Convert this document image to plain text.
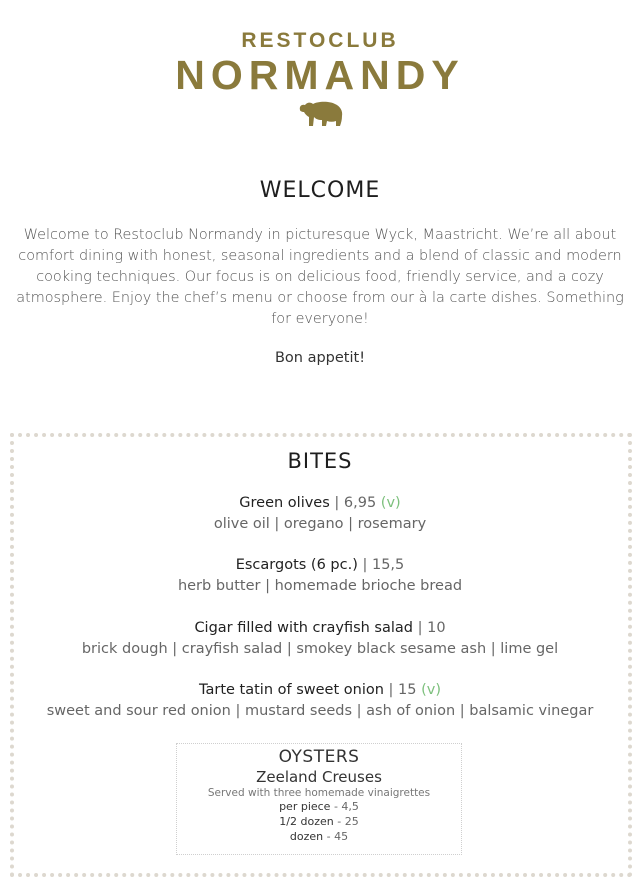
RESTOCLUB
NORMANDY
WELCOME
Welcome to Restoclub Normandy in picturesque Wyck, Maastricht. We’re all about comfort dining with honest, seasonal ingredients and a blend of classic and modern cooking techniques. Our focus is on delicious food, friendly service, and a cozy atmosphere. Enjoy the chef’s menu or choose from our à la carte dishes. Something for everyone!
Bon appetit!
BITES
Green olives | 6,95 (v)
olive oil | oregano | rosemary
Escargots (6 pc.) | 15,5
herb butter | homemade brioche bread
Cigar filled with crayfish salad | 10
brick dough | crayfish salad | smokey black sesame ash | lime gel
Tarte tatin of sweet onion | 15 (v)
sweet and sour red onion | mustard seeds | ash of onion | balsamic vinegar
OYSTERS
Zeeland Creuses
Served with three homemade vinaigrettes
per piece - 4,5
1/2 dozen - 25
dozen - 45
